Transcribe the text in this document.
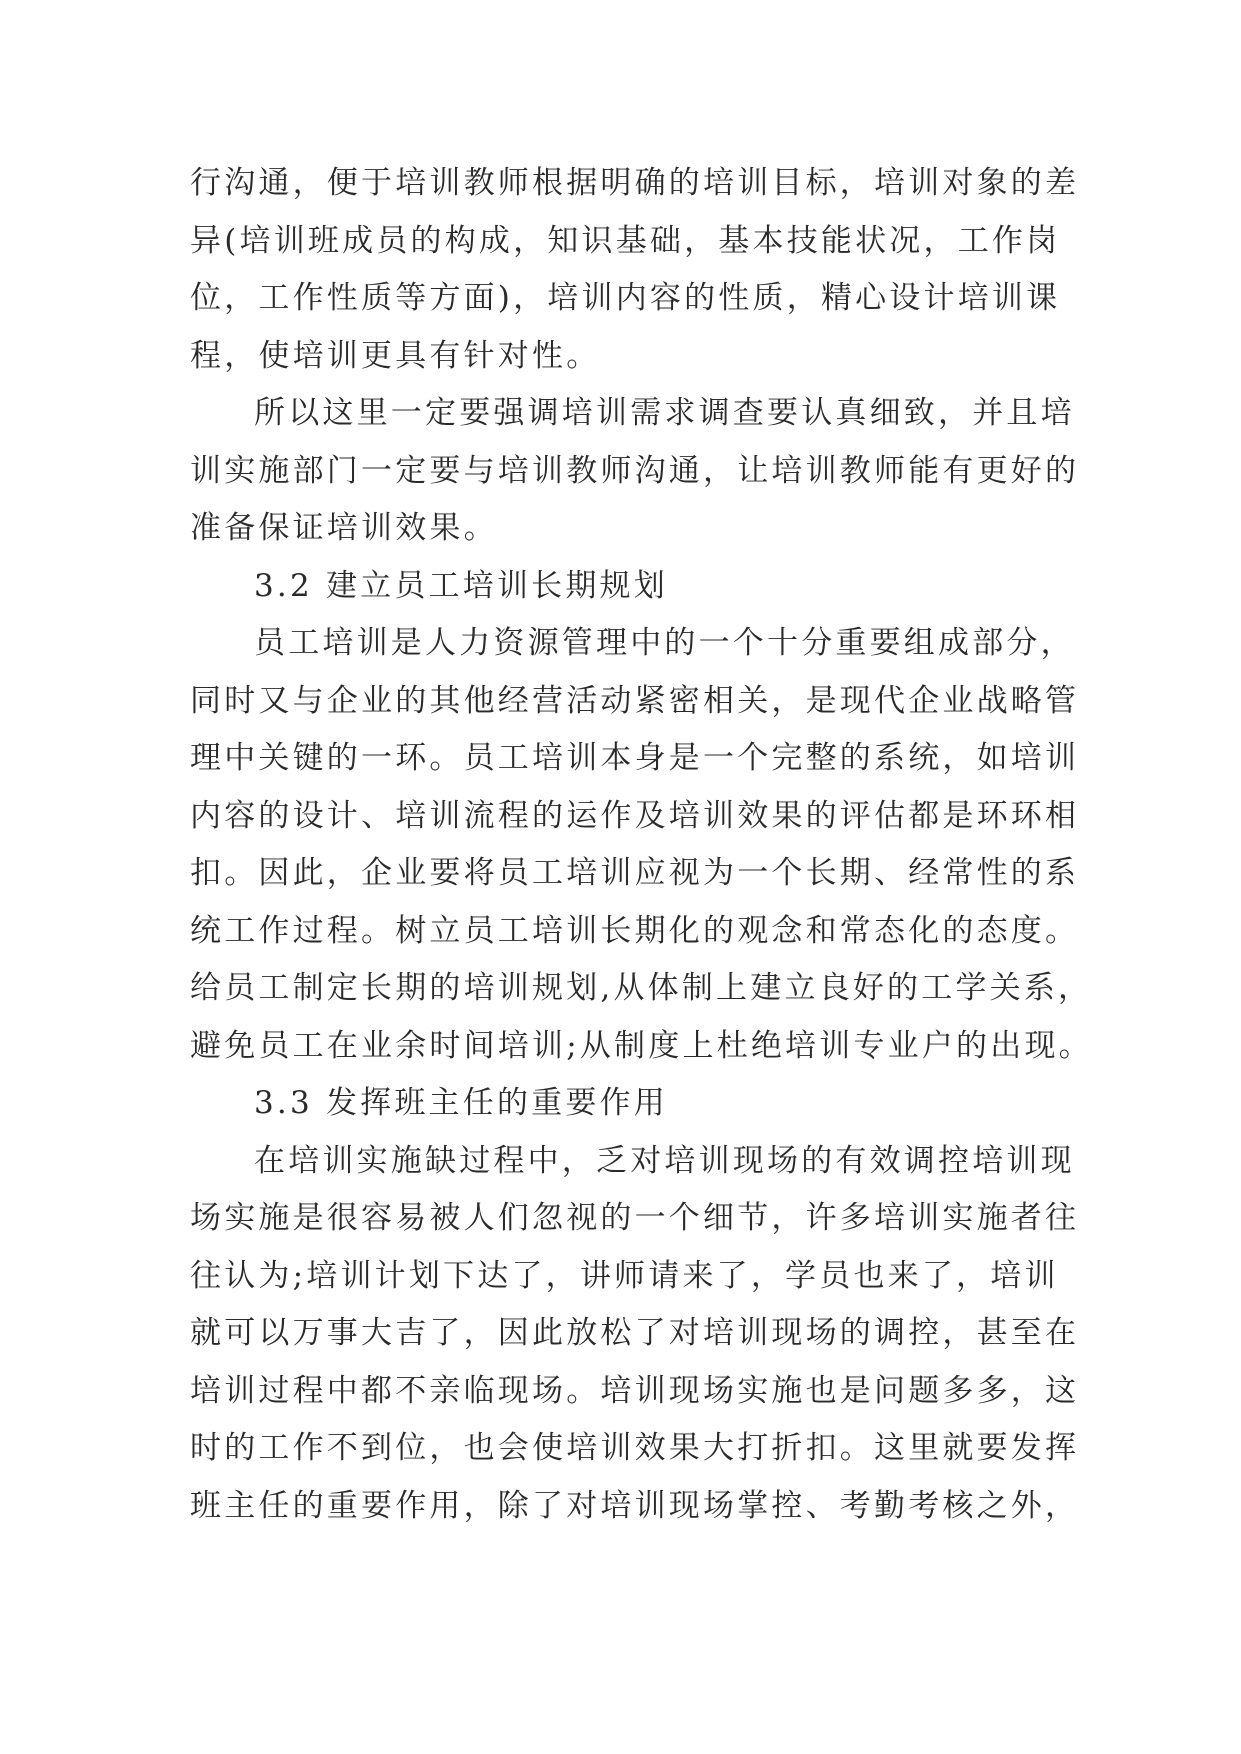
行沟通，便于培训教师根据明确的培训目标，培训对象的差
异(培训班成员的构成，知识基础，基本技能状况，工作岗
位，工作性质等方面)，培训内容的性质，精心设计培训课
程，使培训更具有针对性。
所以这里一定要强调培训需求调查要认真细致，并且培
训实施部门一定要与培训教师沟通，让培训教师能有更好的
准备保证培训效果。
3.2 建立员工培训长期规划
员工培训是人力资源管理中的一个十分重要组成部分，
同时又与企业的其他经营活动紧密相关，是现代企业战略管
理中关键的一环。员工培训本身是一个完整的系统，如培训
内容的设计、培训流程的运作及培训效果的评估都是环环相
扣。因此，企业要将员工培训应视为一个长期、经常性的系
统工作过程。树立员工培训长期化的观念和常态化的态度。
给员工制定长期的培训规划,从体制上建立良好的工学关系，
避免员工在业余时间培训;从制度上杜绝培训专业户的出现。
3.3 发挥班主任的重要作用
在培训实施缺过程中，乏对培训现场的有效调控培训现
场实施是很容易被人们忽视的一个细节，许多培训实施者往
往认为;培训计划下达了，讲师请来了，学员也来了，培训
就可以万事大吉了，因此放松了对培训现场的调控，甚至在
培训过程中都不亲临现场。培训现场实施也是问题多多，这
时的工作不到位，也会使培训效果大打折扣。这里就要发挥
班主任的重要作用，除了对培训现场掌控、考勤考核之外，
